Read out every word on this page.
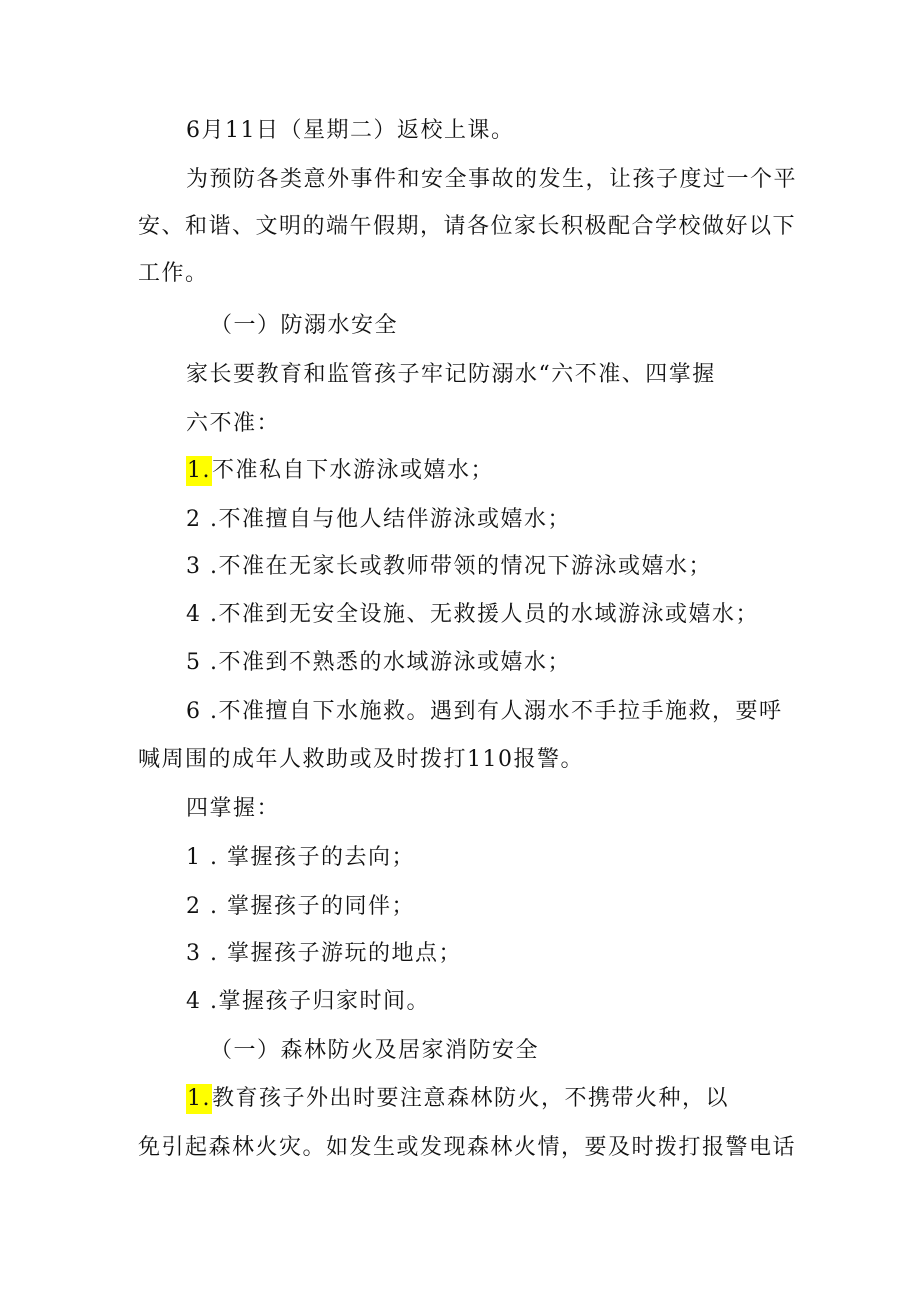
6月11日（星期二）返校上课。
为预防各类意外事件和安全事故的发生，让孩子度过一个平
安、和谐、文明的端午假期，请各位家长积极配合学校做好以下
工作。
（一）防溺水安全
家长要教育和监管孩子牢记防溺水“六不准、四掌握
六不准：
1.不准私自下水游泳或嬉水；
2 .不准擅自与他人结伴游泳或嬉水；
3 .不准在无家长或教师带领的情况下游泳或嬉水；
4 .不准到无安全设施、无救援人员的水域游泳或嬉水；
5 .不准到不熟悉的水域游泳或嬉水；
6 .不准擅自下水施救。遇到有人溺水不手拉手施救，要呼
喊周围的成年人救助或及时拨打110报警。
四掌握：
1 . 掌握孩子的去向；
2 . 掌握孩子的同伴；
3 . 掌握孩子游玩的地点；
4 .掌握孩子归家时间。
（一）森林防火及居家消防安全
1.教育孩子外出时要注意森林防火，不携带火种，以
免引起森林火灾。如发生或发现森林火情，要及时拨打报警电话
